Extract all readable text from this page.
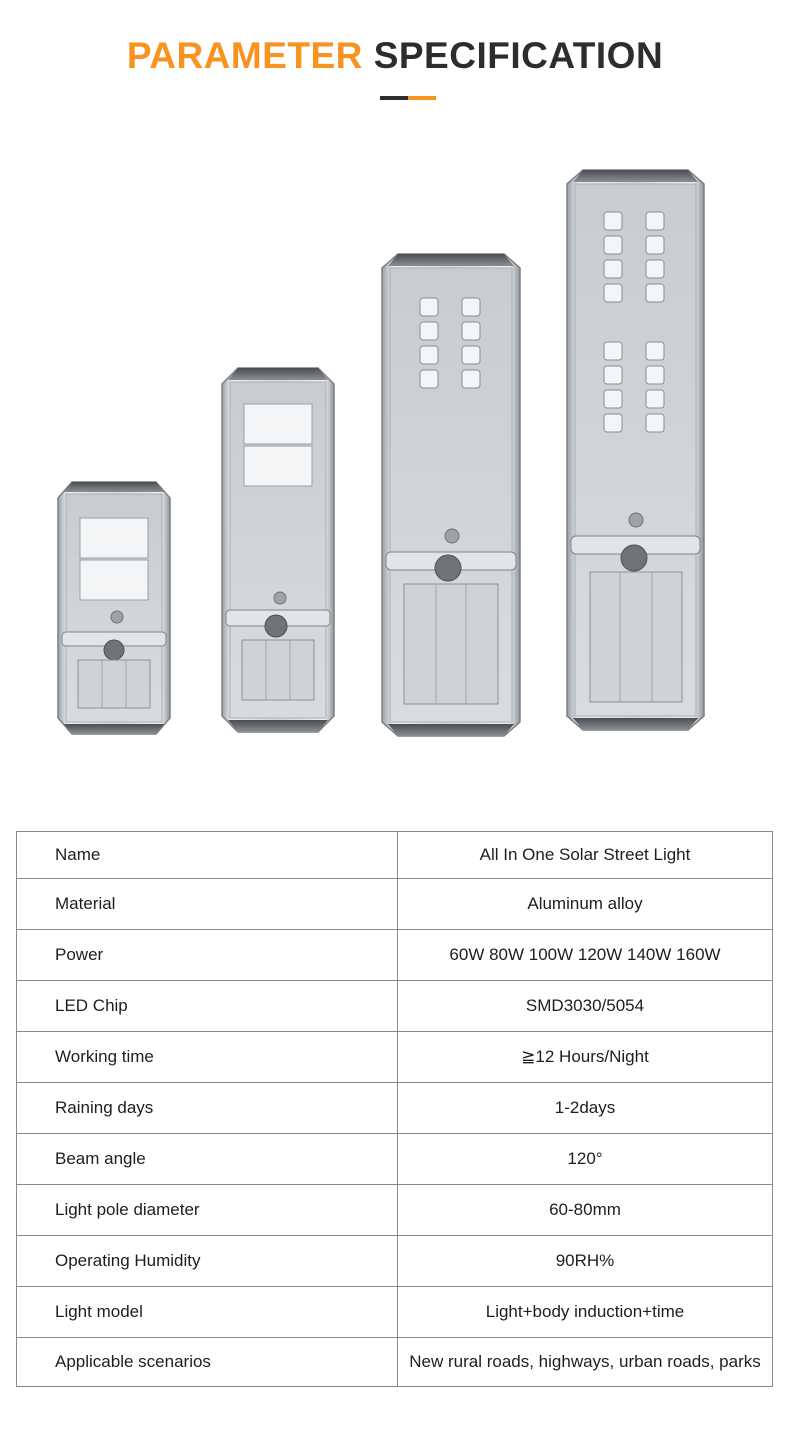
PARAMETER SPECIFICATION
Name	All In One Solar Street Light
Material	Aluminum alloy
Power	60W 80W 100W 120W 140W 160W
LED Chip	SMD3030/5054
Working time	≧12 Hours/Night
Raining days	1-2days
Beam angle	120°
Light pole diameter	60-80mm
Operating Humidity	90RH%
Light model	Light+body induction+time
Applicable scenarios	New rural roads, highways, urban roads, parks
